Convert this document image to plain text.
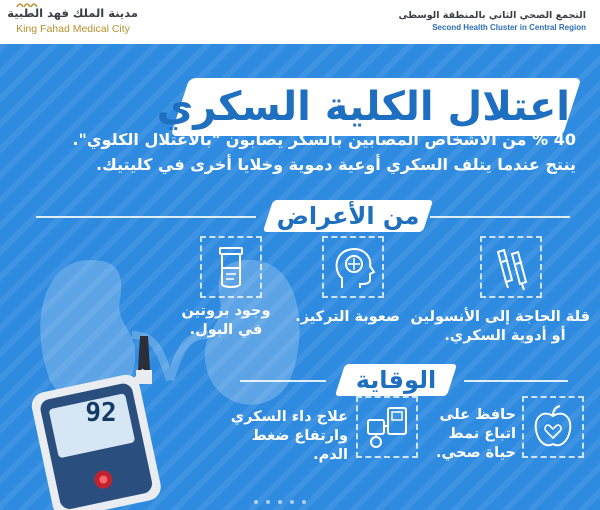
مدينة الملك فهد الطبية
King Fahad Medical City
التجمع الصحي الثاني بالمنطقة الوسطى
Second Health Cluster in Central Region
اعتلال الكلية السكري
40 % من الأشخاص المصابين بالسكر يصابون "بالاعتلال الكلوي".
ينتج عندما يتلف السكري أوعية دموية وخلايا أخرى في كليتيك.
من الأعراض
قلة الحاجة إلى الأنسولين
أو أدوية السكري.
صعوبة التركيز.
وجود بروتين
في البول.
الوقاية
حافظ على
اتباع نمط
حياة صحي.
علاج داء السكري
وارتفاع ضغط
الدم.
92
